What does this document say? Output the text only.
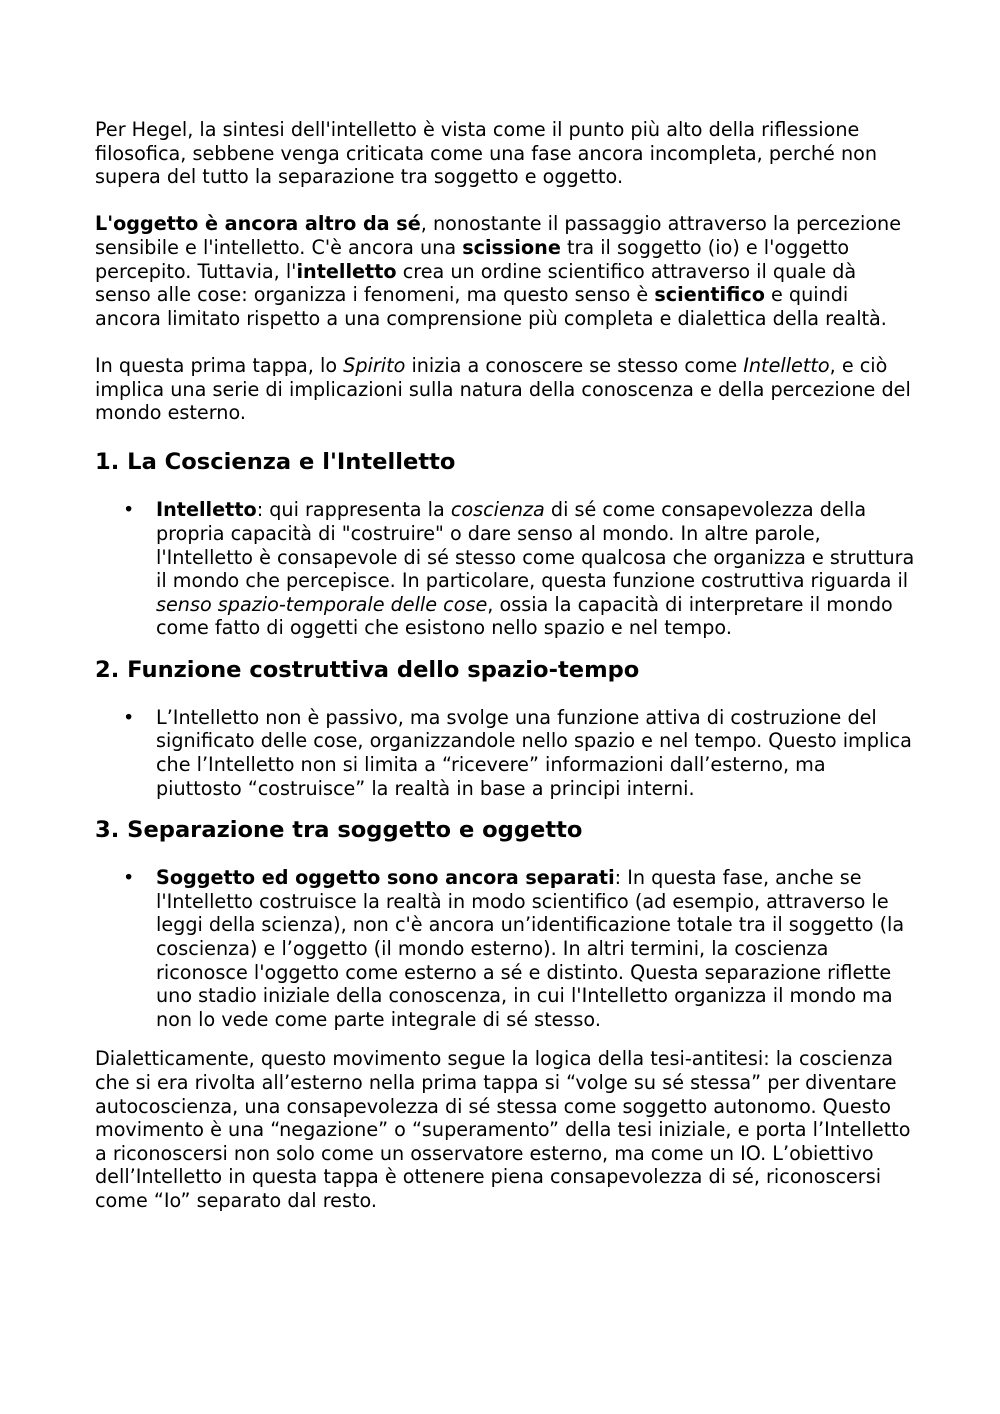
Per Hegel, la sintesi dell'intelletto è vista come il punto più alto della riflessione filosofica, sebbene venga criticata come una fase ancora incompleta, perché non supera del tutto la separazione tra soggetto e oggetto.

L'oggetto è ancora altro da sé, nonostante il passaggio attraverso la percezione sensibile e l'intelletto. C'è ancora una scissione tra il soggetto (io) e l'oggetto percepito. Tuttavia, l'intelletto crea un ordine scientifico attraverso il quale dà senso alle cose: organizza i fenomeni, ma questo senso è scientifico e quindi ancora limitato rispetto a una comprensione più completa e dialettica della realtà.

In questa prima tappa, lo Spirito inizia a conoscere se stesso come Intelletto, e ciò implica una serie di implicazioni sulla natura della conoscenza e della percezione del mondo esterno.

1. La Coscienza e l'Intelletto
• Intelletto: qui rappresenta la coscienza di sé come consapevolezza della propria capacità di "costruire" o dare senso al mondo. In altre parole, l'Intelletto è consapevole di sé stesso come qualcosa che organizza e struttura il mondo che percepisce. In particolare, questa funzione costruttiva riguarda il senso spazio-temporale delle cose, ossia la capacità di interpretare il mondo come fatto di oggetti che esistono nello spazio e nel tempo.
2. Funzione costruttiva dello spazio-tempo
• L’Intelletto non è passivo, ma svolge una funzione attiva di costruzione del significato delle cose, organizzandole nello spazio e nel tempo. Questo implica che l’Intelletto non si limita a “ricevere” informazioni dall’esterno, ma piuttosto “costruisce” la realtà in base a principi interni.
3. Separazione tra soggetto e oggetto
• Soggetto ed oggetto sono ancora separati: In questa fase, anche se l'Intelletto costruisce la realtà in modo scientifico (ad esempio, attraverso le leggi della scienza), non c'è ancora un’identificazione totale tra il soggetto (la coscienza) e l’oggetto (il mondo esterno). In altri termini, la coscienza riconosce l'oggetto come esterno a sé e distinto. Questa separazione riflette uno stadio iniziale della conoscenza, in cui l'Intelletto organizza il mondo ma non lo vede come parte integrale di sé stesso.

Dialetticamente, questo movimento segue la logica della tesi-antitesi: la coscienza che si era rivolta all’esterno nella prima tappa si “volge su sé stessa” per diventare autocoscienza, una consapevolezza di sé stessa come soggetto autonomo. Questo movimento è una “negazione” o “superamento” della tesi iniziale, e porta l’Intelletto a riconoscersi non solo come un osservatore esterno, ma come un IO. L’obiettivo dell’Intelletto in questa tappa è ottenere piena consapevolezza di sé, riconoscersi come “Io” separato dal resto.
